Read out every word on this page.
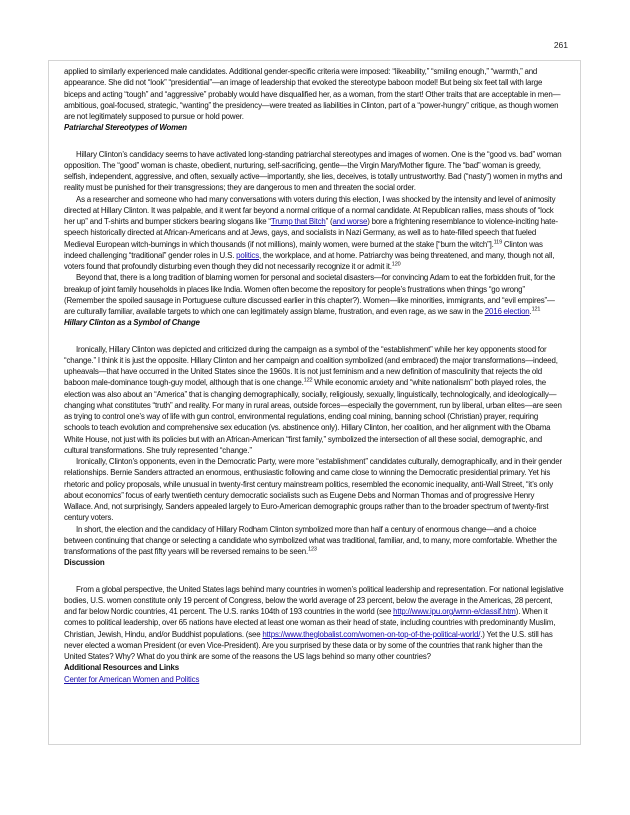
261

applied to similarly experienced male candidates. Additional gender-specific criteria were imposed: “likeability,” “smiling enough,” “warmth,” and appearance. She did not “look” “presidential”—an image of leadership that evoked the stereotype baboon model! But being six feet tall with large biceps and acting “tough” and “aggressive” probably would have disqualified her, as a woman, from the start! Other traits that are acceptable in men—ambitious, goal-focused, strategic, “wanting” the presidency—were treated as liabilities in Clinton, part of a “power-hungry” critique, as though women are not legitimately supposed to pursue or hold power.

Patriarchal Stereotypes of Women

Hillary Clinton’s candidacy seems to have activated long-standing patriarchal stereotypes and images of women. One is the “good vs. bad” woman opposition. The “good” woman is chaste, obedient, nurturing, self-sacrificing, gentle—the Virgin Mary/Mother figure. The “bad” woman is greedy, selfish, independent, aggressive, and often, sexually active—importantly, she lies, deceives, is totally untrustworthy. Bad (“nasty”) women in myths and reality must be punished for their transgressions; they are dangerous to men and threaten the social order.

As a researcher and someone who had many conversations with voters during this election, I was shocked by the intensity and level of animosity directed at Hillary Clinton. It was palpable, and it went far beyond a normal critique of a normal candidate. At Republican rallies, mass shouts of “lock her up” and T-shirts and bumper stickers bearing slogans like “Trump that Bitch” (and worse) bore a frightening resemblance to violence-inciting hate-speech historically directed at African-Americans and at Jews, gays, and socialists in Nazi Germany, as well as to hate-filled speech that fueled Medieval European witch-burnings in which thousands (if not millions), mainly women, were burned at the stake [“burn the witch”].$^{119}$ Clinton was indeed challenging “traditional” gender roles in U.S. politics, the workplace, and at home. Patriarchy was being threatened, and many, though not all, voters found that profoundly disturbing even though they did not necessarily recognize it or admit it.$^{120}$

Beyond that, there is a long tradition of blaming women for personal and societal disasters—for convincing Adam to eat the forbidden fruit, for the breakup of joint family households in places like India. Women often become the repository for people’s frustrations when things “go wrong” (Remember the spoiled sausage in Portuguese culture discussed earlier in this chapter?). Women—like minorities, immigrants, and “evil empires”—are culturally familiar, available targets to which one can legitimately assign blame, frustration, and even rage, as we saw in the 2016 election.$^{121}$

Hillary Clinton as a Symbol of Change

Ironically, Hillary Clinton was depicted and criticized during the campaign as a symbol of the “establishment” while her key opponents stood for “change.” I think it is just the opposite. Hillary Clinton and her campaign and coalition symbolized (and embraced) the major transformations—indeed, upheavals—that have occurred in the United States since the 1960s. It is not just feminism and a new definition of masculinity that rejects the old baboon male-dominance tough-guy model, although that is one change.$^{122}$ While economic anxiety and “white nationalism” both played roles, the election was also about an “America” that is changing demographically, socially, religiously, sexually, linguistically, technologically, and ideologically—changing what constitutes “truth” and reality. For many in rural areas, outside forces—especially the government, run by liberal, urban elites—are seen as trying to control one’s way of life with gun control, environmental regulations, ending coal mining, banning school (Christian) prayer, requiring schools to teach evolution and comprehensive sex education (vs. abstinence only). Hillary Clinton, her coalition, and her alignment with the Obama White House, not just with its policies but with an African-American “first family,” symbolized the intersection of all these social, demographic, and cultural transformations. She truly represented “change.”

Ironically, Clinton’s opponents, even in the Democratic Party, were more “establishment” candidates culturally, demographically, and in their gender relationships. Bernie Sanders attracted an enormous, enthusiastic following and came close to winning the Democratic presidential primary. Yet his rhetoric and policy proposals, while unusual in twenty-first century mainstream politics, resembled the economic inequality, anti-Wall Street, “it’s only about economics” focus of early twentieth century democratic socialists such as Eugene Debs and Norman Thomas and of progressive Henry Wallace. And, not surprisingly, Sanders appealed largely to Euro-American demographic groups rather than to the broader spectrum of twenty-first century voters.

In short, the election and the candidacy of Hillary Rodham Clinton symbolized more than half a century of enormous change—and a choice between continuing that change or selecting a candidate who symbolized what was traditional, familiar, and, to many, more comfortable. Whether the transformations of the past fifty years will be reversed remains to be seen.$^{123}$

Discussion

From a global perspective, the United States lags behind many countries in women’s political leadership and representation. For national legislative bodies, U.S. women constitute only 19 percent of Congress, below the world average of 23 percent, below the average in the Americas, 28 percent, and far below Nordic countries, 41 percent. The U.S. ranks 104th of 193 countries in the world (see http://www.ipu.org/wmn-e/classif.htm). When it comes to political leadership, over 65 nations have elected at least one woman as their head of state, including countries with predominantly Muslim, Christian, Jewish, Hindu, and/or Buddhist populations. (see https://www.theglobalist.com/women-on-top-of-the-political-world/.) Yet the U.S. still has never elected a woman President (or even Vice-President). Are you surprised by these data or by some of the countries that rank higher than the United States? Why? What do you think are some of the reasons the US lags behind so many other countries?

Additional Resources and Links

Center for American Women and Politics
